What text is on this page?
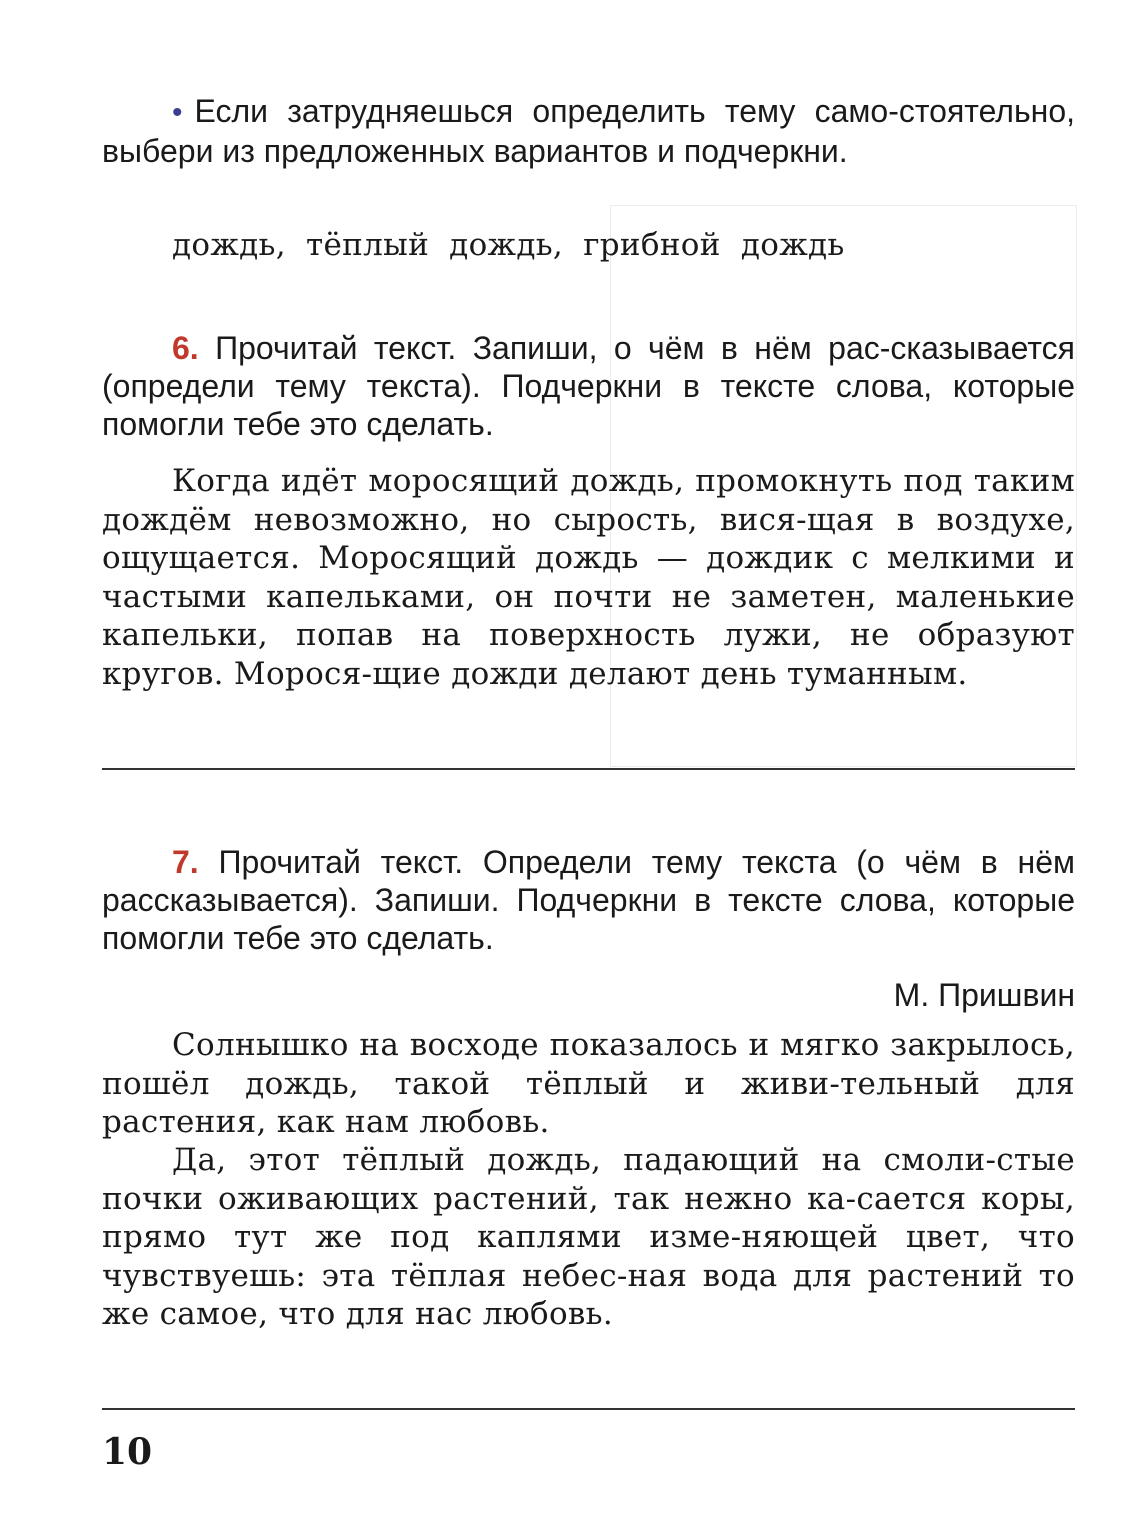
• Если затрудняешься определить тему само-стоятельно, выбери из предложенных вариантов и подчеркни.

дождь, тёплый дождь, грибной дождь

6. Прочитай текст. Запиши, о чём в нём рас-сказывается (определи тему текста). Подчеркни в тексте слова, которые помогли тебе это сделать.

Когда идёт моросящий дождь, промокнуть под таким дождём невозможно, но сырость, вися-щая в воздухе, ощущается. Моросящий дождь — дождик с мелкими и частыми капельками, он почти не заметен, маленькие капельки, попав на поверхность лужи, не образуют кругов. Морося-щие дожди делают день туманным.

7. Прочитай текст. Определи тему текста (о чём в нём рассказывается). Запиши. Подчеркни в тексте слова, которые помогли тебе это сделать.

М. Пришвин

Солнышко на восходе показалось и мягко закрылось, пошёл дождь, такой тёплый и живи-тельный для растения, как нам любовь.

Да, этот тёплый дождь, падающий на смоли-стые почки оживающих растений, так нежно ка-сается коры, прямо тут же под каплями изме-няющей цвет, что чувствуешь: эта тёплая небес-ная вода для растений то же самое, что для нас любовь.

10
